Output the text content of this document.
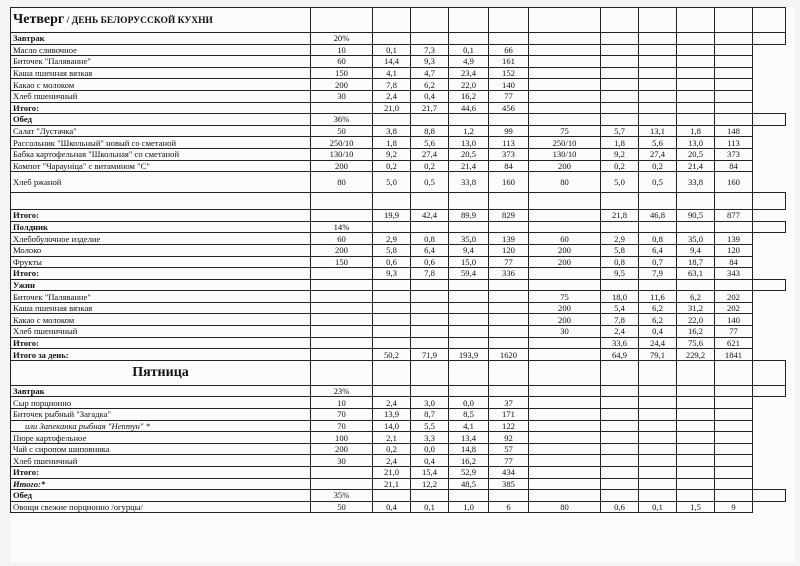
Четверг / ДЕНЬ БЕЛОРУССКОЙ КУХНИ											
Завтрак	20%										
Масло сливочное	10	0,1	7,3	0,1	66						
Биточек "Паляванне"	60	14,4	9,3	4,9	161						
Каша пшенная вязкая	150	4,1	4,7	23,4	152						
Какао с молоком	200	7,8	6,2	22,0	140						
Хлеб пшеничный	30	2,4	0,4	16,2	77						
Итого:		21,0	21,7	44,6	456						
Обед	36%										
Салат "Лустачка"	50	3,8	8,8	1,2	99	75	5,7	13,1	1,8	148	
Рассольник "Школьный" новый со сметаной	250/10	1,8	5,6	13,0	113	250/10	1,8	5,6	13,0	113	
Бабка картофельная "Школьная" со сметаной	130/10	9,2	27,4	20,5	373	130/10	9,2	27,4	20,5	373	
Компот "Чараунiца" с витамином "С"	200	0,2	0,2	21,4	84	200	0,2	0,2	21,4	84	
Хлеб ржаной	80	5,0	0,5	33,8	160	80	5,0	0,5	33,8	160	

Итого:		19,9	42,4	89,9	829		21,8	46,8	90,5	877	
Полдник	14%										
Хлебобулочное изделие	60	2,9	0,8	35,0	139	60	2,9	0,8	35,0	139	
Молоко	200	5,8	6,4	9,4	120	200	5,8	6,4	9,4	120	
Фрукты	150	0,6	0,6	15,0	77	200	0,8	0,7	18,7	84	
Итого:		9,3	7,8	59,4	336		9,5	7,9	63,1	343	
Ужин											
Биточек "Паляванне"						75	18,0	11,6	6,2	202	
Каша пшенная вязкая						200	5,4	6,2	31,2	202	
Какао с молоком						200	7,8	6,2	22,0	140	
Хлеб пшеничный						30	2,4	0,4	16,2	77	
Итого:							33,6	24,4	75,6	621	
Итого за день:		50,2	71,9	193,9	1620		64,9	79,1	229,2	1841	
Пятница											
Завтрак	23%										
Сыр порционно	10	2,4	3,0	0,0	37						
Биточек рыбный "Загадка"	70	13,9	8,7	8,5	171						
или Запеканка рыбная "Нептун" *	70	14,0	5,5	4,1	122						
Пюре картофельное	100	2,1	3,3	13,4	92						
Чай с сиропом шиповника	200	0,2	0,0	14,8	57						
Хлеб пшеничный	30	2,4	0,4	16,2	77						
Итого:		21,0	15,4	52,9	434						
Итого:*		21,1	12,2	48,5	385						
Обед	35%										
Овощи свежие порционно /огурцы/	50	0,4	0,1	1,0	6	80	0,6	0,1	1,5	9	
